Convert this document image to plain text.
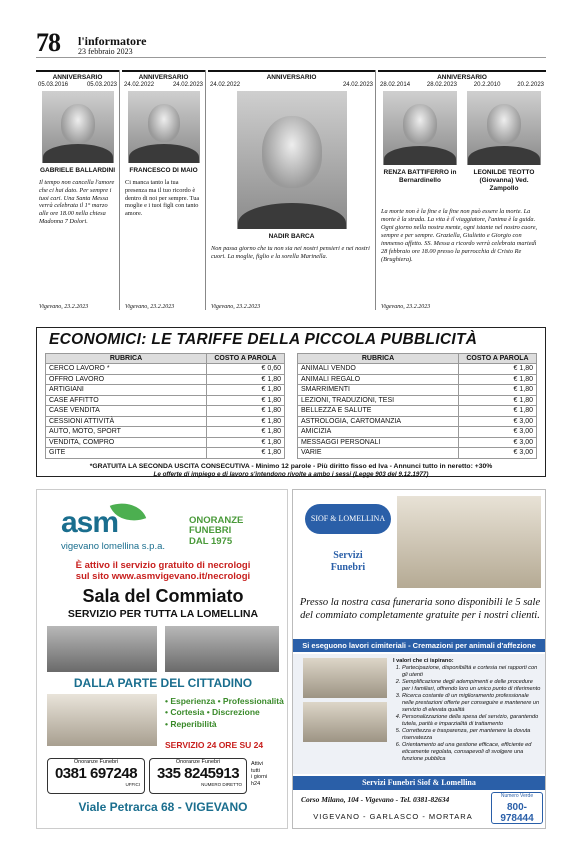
78 l'informatore
23 febbraio 2023
ANNIVERSARIO
05.03.2016	05.03.2023
GABRIELE BALLARDINI
Il tempo non cancella l'amore che ci hai dato. Per sempre i tuoi cari. Una Santa Messa verrà celebrata il 1° marzo alle ore 18.00 nella chiesa Madonna 7 Dolori.
Vigevano, 23.2.2023
ANNIVERSARIO
24.02.2022	24.02.2023
FRANCESCO DI MAIO
Ci manca tanto la tua presenza ma il tuo ricordo è dentro di noi per sempre. Tua moglie e i tuoi figli con tanto amore.
Vigevano, 23.2.2023
ANNIVERSARIO
24.02.2022	24.02.2023
NADIR BARCA
Non passa giorno che tu non sia nei nostri pensieri e nei nostri cuori. La moglie, figlio e la sorella Marinella.
Vigevano, 23.2.2023
ANNIVERSARIO
28.02.2014	28.02.2023	20.2.2010	20.2.2023
RENZA BATTIFERRO in Bernardinello
LEONILDE TEOTTO (Giovanna) Ved. Zampollo
La morte non è la fine e la fine non può essere la morte. La morte è la strada. La vita è il viaggiatore, l'anima è la guida. Ogni giorno nella nostra mente, ogni istante nel nostro cuore, sempre e per sempre. Graziella, Giulietto e Giorgio con immenso affetto. SS. Messa a ricordo verrà celebrata martedì 28 febbraio ore 18.00 presso la parrocchia di Cristo Re (Brughiera).
Vigevano, 23.2.2023
ECONOMICI: LE TARIFFE DELLA PICCOLA PUBBLICITÀ
RUBRICA	COSTO A PAROLA
CERCO LAVORO *	€ 0,60
OFFRO LAVORO	€ 1,80
ARTIGIANI	€ 1,80
CASE AFFITTO	€ 1,80
CASE VENDITA	€ 1,80
CESSIONI ATTIVITÀ	€ 1,80
AUTO, MOTO, SPORT	€ 1,80
VENDITA, COMPRO	€ 1,80
GITE	€ 1,80
RUBRICA	COSTO A PAROLA
ANIMALI VENDO	€ 1,80
ANIMALI REGALO	€ 1,80
SMARRIMENTI	€ 1,80
LEZIONI, TRADUZIONI, TESI	€ 1,80
BELLEZZA E SALUTE	€ 1,80
ASTROLOGIA, CARTOMANZIA	€ 3,00
AMICIZIA	€ 3,00
MESSAGGI PERSONALI	€ 3,00
VARIE	€ 3,00
*GRATUITA LA SECONDA USCITA CONSECUTIVA - Minimo 12 parole - Più diritto fisso ed Iva - Annunci tutto in neretto: +30%
Le offerte di impiego e di lavoro s'intendono rivolte a ambo i sessi (Legge 903 del 9.12.1977)
asm
vigevano lomellina s.p.a.
ONORANZE
FUNEBRI
DAL 1975
È attivo il servizio gratuito di necrologi
sul sito www.asmvigevano.it/necrologi
Sala del Commiato
SERVIZIO PER TUTTA LA LOMELLINA
DALLA PARTE DEL CITTADINO
• Esperienza • Professionalità
• Cortesia • Discrezione
• Reperibilità
SERVIZIO 24 ORE SU 24
Onoranze Funebri
0381 697248
UFFICI
Onoranze Funebri
335 8245913
NUMERO DIRETTO
Attivi
tutti
i giorni
h24
Viale Petrarca 68 - VIGEVANO
SIOF & LOMELLINA
Servizi
Funebri
Presso la nostra casa funeraria sono disponibili le 5 sale del commiato completamente gratuite per i nostri clienti.
Si eseguono lavori cimiteriali - Cremazioni per animali d'affezione
I valori che ci ispirano:
1. Partecipazione, disponibilità e cortesia nei rapporti con gli utenti
2. Semplificazione degli adempimenti e delle procedure per i familiari, offrendo loro un unico punto di riferimento
3. Ricerca costante di un miglioramento professionale nelle prestazioni offerte per conseguire e mantenere un servizio di elevata qualità
4. Personalizzazione della spesa del servizio, garantendo tutela, parità e imparzialità di trattamento
5. Correttezza e trasparenza, per mantenere la dovuta riservatezza
6. Orientamento ad una gestione efficace, efficiente ed eticamente regolata, consapevoli di svolgere una funzione pubblica
Servizi Funebri Siof & Lomellina
Corso Milano, 104 - Vigevano - Tel. 0381-82634
VIGEVANO - GARLASCO - MORTARA
Numero Verde
800-978444
